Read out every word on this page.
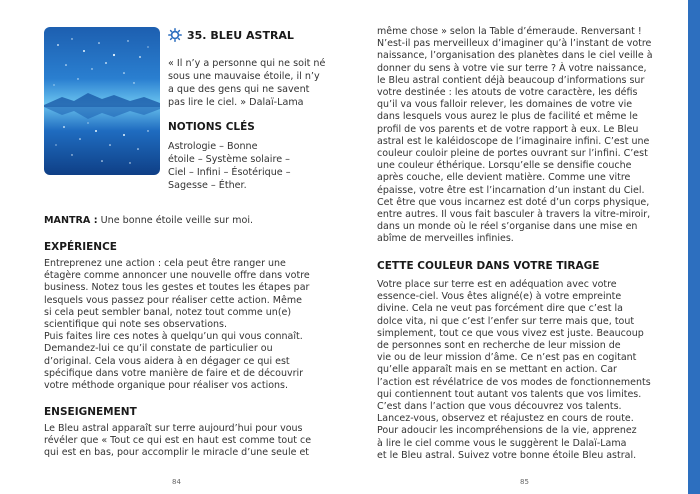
35. BLEU ASTRAL
« Il n’y a personne qui ne soit né
sous une mauvaise étoile, il n’y
a que des gens qui ne savent
pas lire le ciel. » Dalaï-Lama
NOTIONS CLÉS
Astrologie – Bonne
étoile – Système solaire –
Ciel – Infini – Ésotérique –
Sagesse – Éther.
MANTRA : Une bonne étoile veille sur moi.
EXPÉRIENCE
Entreprenez une action : cela peut être ranger une
étagère comme annoncer une nouvelle offre dans votre
business. Notez tous les gestes et toutes les étapes par
lesquels vous passez pour réaliser cette action. Même
si cela peut sembler banal, notez tout comme un(e)
scientifique qui note ses observations.
Puis faites lire ces notes à quelqu’un qui vous connaît.
Demandez-lui ce qu’il constate de particulier ou
d’original. Cela vous aidera à en dégager ce qui est
spécifique dans votre manière de faire et de découvrir
votre méthode organique pour réaliser vos actions.
ENSEIGNEMENT
Le Bleu astral apparaît sur terre aujourd’hui pour vous
révéler que « Tout ce qui est en haut est comme tout ce
qui est en bas, pour accomplir le miracle d’une seule et
84
même chose » selon la Table d’émeraude. Renversant !
N’est-il pas merveilleux d’imaginer qu’à l’instant de votre
naissance, l’organisation des planètes dans le ciel veille à
donner du sens à votre vie sur terre ? À votre naissance,
le Bleu astral contient déjà beaucoup d’informations sur
votre destinée : les atouts de votre caractère, les défis
qu’il va vous falloir relever, les domaines de votre vie
dans lesquels vous aurez le plus de facilité et même le
profil de vos parents et de votre rapport à eux. Le Bleu
astral est le kaléidoscope de l’imaginaire infini. C’est une
couleur couloir pleine de portes ouvrant sur l’infini. C’est
une couleur éthérique. Lorsqu’elle se densifie couche
après couche, elle devient matière. Comme une vitre
épaisse, votre être est l’incarnation d’un instant du Ciel.
Cet être que vous incarnez est doté d’un corps physique,
entre autres. Il vous fait basculer à travers la vitre-miroir,
dans un monde où le réel s’organise dans une mise en
abîme de merveilles infinies.
CETTE COULEUR DANS VOTRE TIRAGE
Votre place sur terre est en adéquation avec votre
essence-ciel. Vous êtes aligné(e) à votre empreinte
divine. Cela ne veut pas forcément dire que c’est la
dolce vita, ni que c’est l’enfer sur terre mais que, tout
simplement, tout ce que vous vivez est juste. Beaucoup
de personnes sont en recherche de leur mission de
vie ou de leur mission d’âme. Ce n’est pas en cogitant
qu’elle apparaît mais en se mettant en action. Car
l’action est révélatrice de vos modes de fonctionnements
qui contiennent tout autant vos talents que vos limites.
C’est dans l’action que vous découvrez vos talents.
Lancez-vous, observez et réajustez en cours de route.
Pour adoucir les incompréhensions de la vie, apprenez
à lire le ciel comme vous le suggèrent le Dalaï-Lama
et le Bleu astral. Suivez votre bonne étoile Bleu astral.
85
